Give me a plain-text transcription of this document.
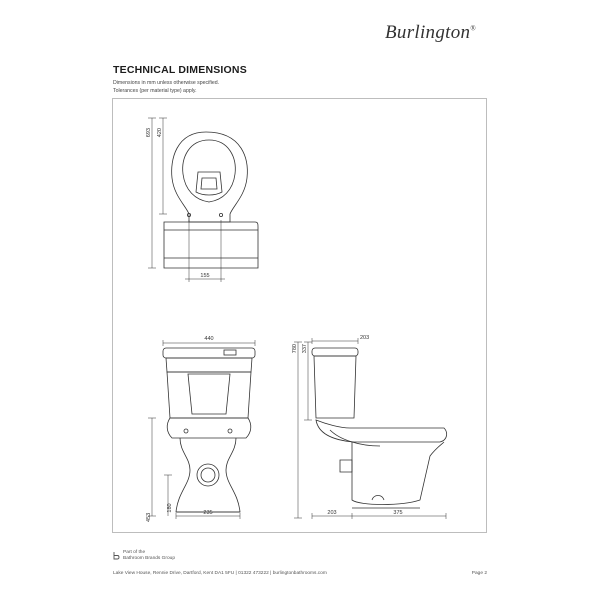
Burlington®
TECHNICAL DIMENSIONS
Dimensions in mm unless otherwise specified.
Tolerances (per material type) apply.
693 420
155
440
453
180
235
780 337
203
203	375
Part of the
Bathroom Brands Group
Lake View House, Rennie Drive, Dartford, Kent DA1 5FU | 01322 473222 | burlingtonbathrooms.com	Page 2
